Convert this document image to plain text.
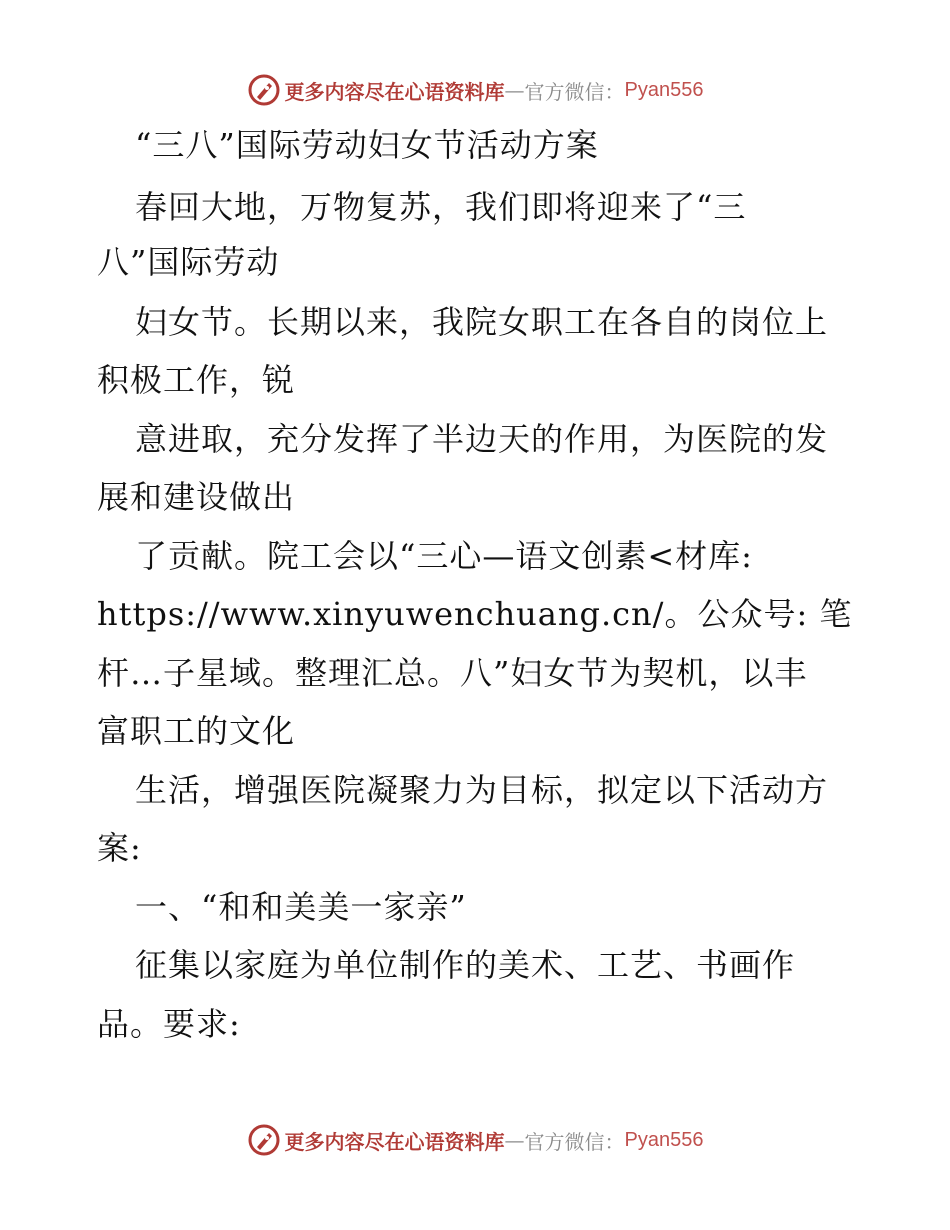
更多内容尽在心语资料库 — 官方微信： Pyan556
“三八”国际劳动妇女节活动方案
春回大地，万物复苏，我们即将迎来了“三
八”国际劳动
妇女节。长期以来，我院女职工在各自的岗位上
积极工作，锐
意进取，充分发挥了半边天的作用，为医院的发
展和建设做出
了贡献。院工会以“三心—语文创素<材库:
https://www.xinyuwenchuang.cn/。公众号: 笔
杆…子星域。整理汇总。八”妇女节为契机，以丰
富职工的文化
生活，增强医院凝聚力为目标，拟定以下活动方
案:
一、“和和美美一家亲”
征集以家庭为单位制作的美术、工艺、书画作
品。要求:
更多内容尽在心语资料库 — 官方微信： Pyan556
